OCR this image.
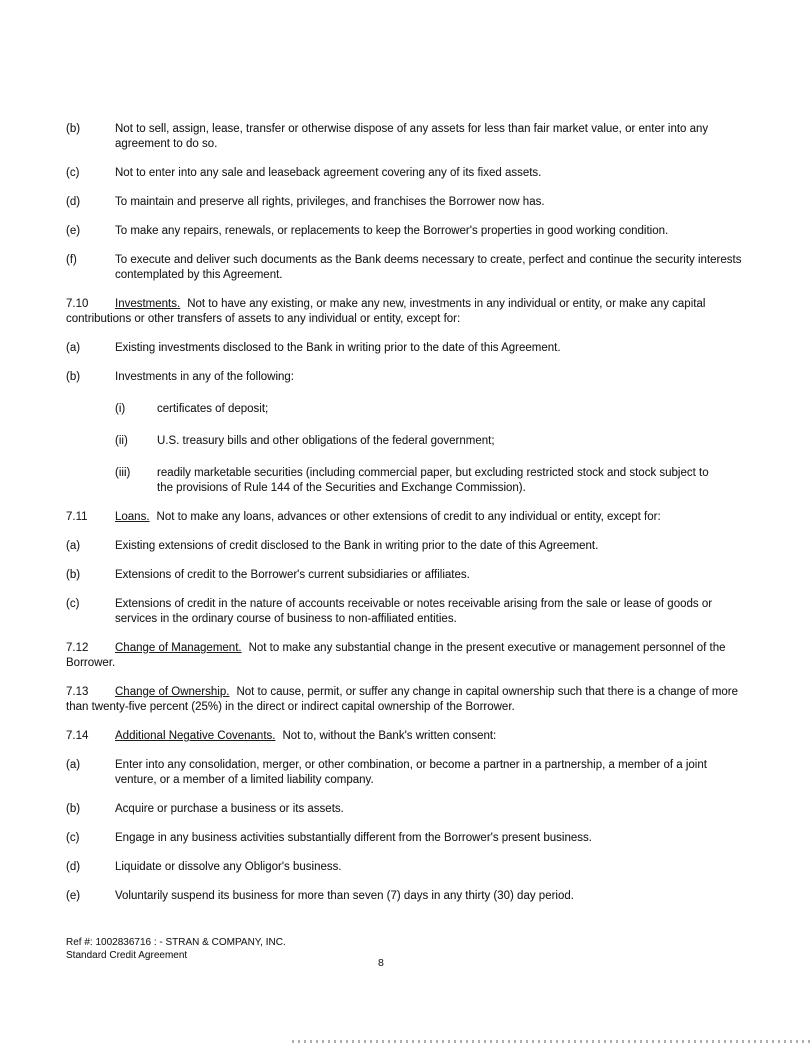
(b)	Not to sell, assign, lease, transfer or otherwise dispose of any assets for less than fair market value, or enter into any agreement to do so.
(c)	Not to enter into any sale and leaseback agreement covering any of its fixed assets.
(d)	To maintain and preserve all rights, privileges, and franchises the Borrower now has.
(e)	To make any repairs, renewals, or replacements to keep the Borrower's properties in good working condition.
(f)	To execute and deliver such documents as the Bank deems necessary to create, perfect and continue the security interests contemplated by this Agreement.
7.10 Investments. Not to have any existing, or make any new, investments in any individual or entity, or make any capital contributions or other transfers of assets to any individual or entity, except for:
(a)	Existing investments disclosed to the Bank in writing prior to the date of this Agreement.
(b)	Investments in any of the following:
(i)	certificates of deposit;
(ii)	U.S. treasury bills and other obligations of the federal government;
(iii)	readily marketable securities (including commercial paper, but excluding restricted stock and stock subject to the provisions of Rule 144 of the Securities and Exchange Commission).
7.11 Loans. Not to make any loans, advances or other extensions of credit to any individual or entity, except for:
(a)	Existing extensions of credit disclosed to the Bank in writing prior to the date of this Agreement.
(b)	Extensions of credit to the Borrower's current subsidiaries or affiliates.
(c)	Extensions of credit in the nature of accounts receivable or notes receivable arising from the sale or lease of goods or services in the ordinary course of business to non-affiliated entities.
7.12 Change of Management. Not to make any substantial change in the present executive or management personnel of the Borrower.
7.13 Change of Ownership. Not to cause, permit, or suffer any change in capital ownership such that there is a change of more than twenty-five percent (25%) in the direct or indirect capital ownership of the Borrower.
7.14 Additional Negative Covenants. Not to, without the Bank's written consent:
(a)	Enter into any consolidation, merger, or other combination, or become a partner in a partnership, a member of a joint venture, or a member of a limited liability company.
(b)	Acquire or purchase a business or its assets.
(c)	Engage in any business activities substantially different from the Borrower's present business.
(d)	Liquidate or dissolve any Obligor's business.
(e)	Voluntarily suspend its business for more than seven (7) days in any thirty (30) day period.
Ref #: 1002836716 : - STRAN & COMPANY, INC.
Standard Credit Agreement
8
